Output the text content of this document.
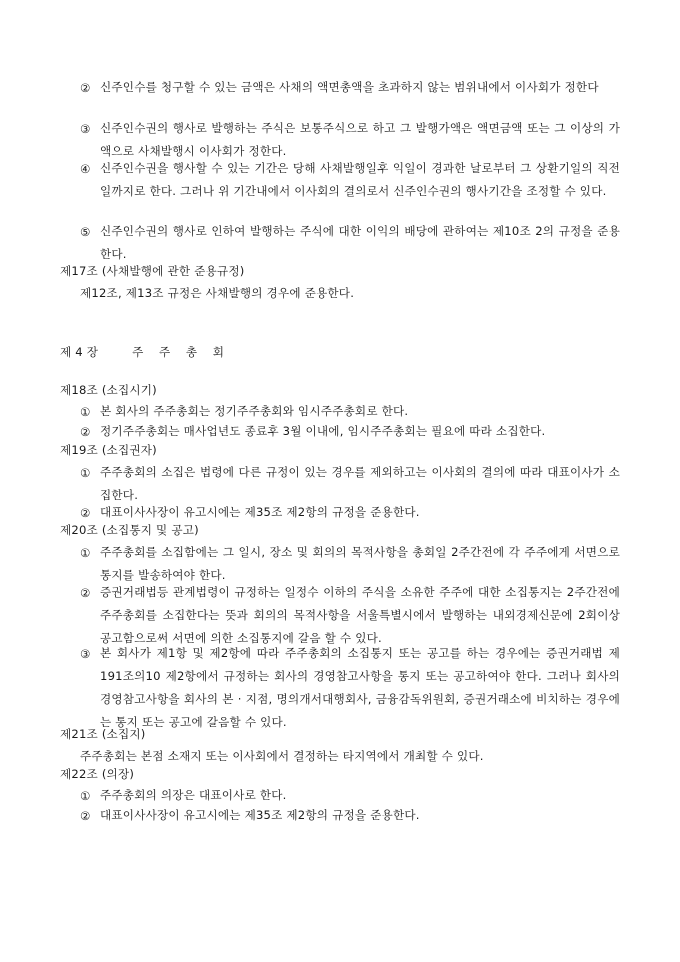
② 신주인수를 청구할 수 있는 금액은 사채의 액면총액을 초과하지 않는 범위내에서 이사회가 정한다
③ 신주인수권의 행사로 발행하는 주식은 보통주식으로 하고 그 발행가액은 액면금액 또는 그 이상의 가액으로 사채발행시 이사회가 정한다.
④ 신주인수권을 행사할 수 있는 기간은 당해 사채발행일후 익일이 경과한 날로부터 그 상환기일의 직전일까지로 한다. 그러나 위 기간내에서 이사회의 결의로서 신주인수권의 행사기간을 조정할 수 있다.
⑤ 신주인수권의 행사로 인하여 발행하는 주식에 대한 이익의 배당에 관하여는 제10조 2의 규정을 준용한다.
제17조 (사채발행에 관한 준용규정)
제12조, 제13조 규정은 사채발행의 경우에 준용한다.
제 4 장	주 주 총 회
제18조 (소집시기)
① 본 회사의 주주총회는 정기주주총회와 임시주주총회로 한다.
② 정기주주총회는 매사업년도 종료후 3월 이내에, 임시주주총회는 필요에 따라 소집한다.
제19조 (소집권자)
① 주주총회의 소집은 법령에 다른 규정이 있는 경우를 제외하고는 이사회의 결의에 따라 대표이사가 소집한다.
② 대표이사사장이 유고시에는 제35조 제2항의 규정을 준용한다.
제20조 (소집통지 및 공고)
① 주주총회를 소집함에는 그 일시, 장소 및 회의의 목적사항을 총회일 2주간전에 각 주주에게 서면으로 통지를 발송하여야 한다.
② 증권거래법등 관계법령이 규정하는 일정수 이하의 주식을 소유한 주주에 대한 소집통지는 2주간전에 주주총회를 소집한다는 뜻과 회의의 목적사항을 서울특별시에서 발행하는 내외경제신문에 2회이상 공고함으로써 서면에 의한 소집통지에 갈음 할 수 있다.
③ 본 회사가 제1항 및 제2항에 따라 주주총회의 소집통지 또는 공고를 하는 경우에는 증권거래법 제191조의10 제2항에서 규정하는 회사의 경영참고사항을 통지 또는 공고하여야 한다. 그러나 회사의 경영참고사항을 회사의 본 · 지점, 명의개서대행회사, 금융감독위원회, 증권거래소에 비치하는 경우에는 통지 또는 공고에 갈음할 수 있다.
제21조 (소집지)
주주총회는 본점 소재지 또는 이사회에서 결정하는 타지역에서 개최할 수 있다.
제22조 (의장)
① 주주총회의 의장은 대표이사로 한다.
② 대표이사사장이 유고시에는 제35조 제2항의 규정을 준용한다.
